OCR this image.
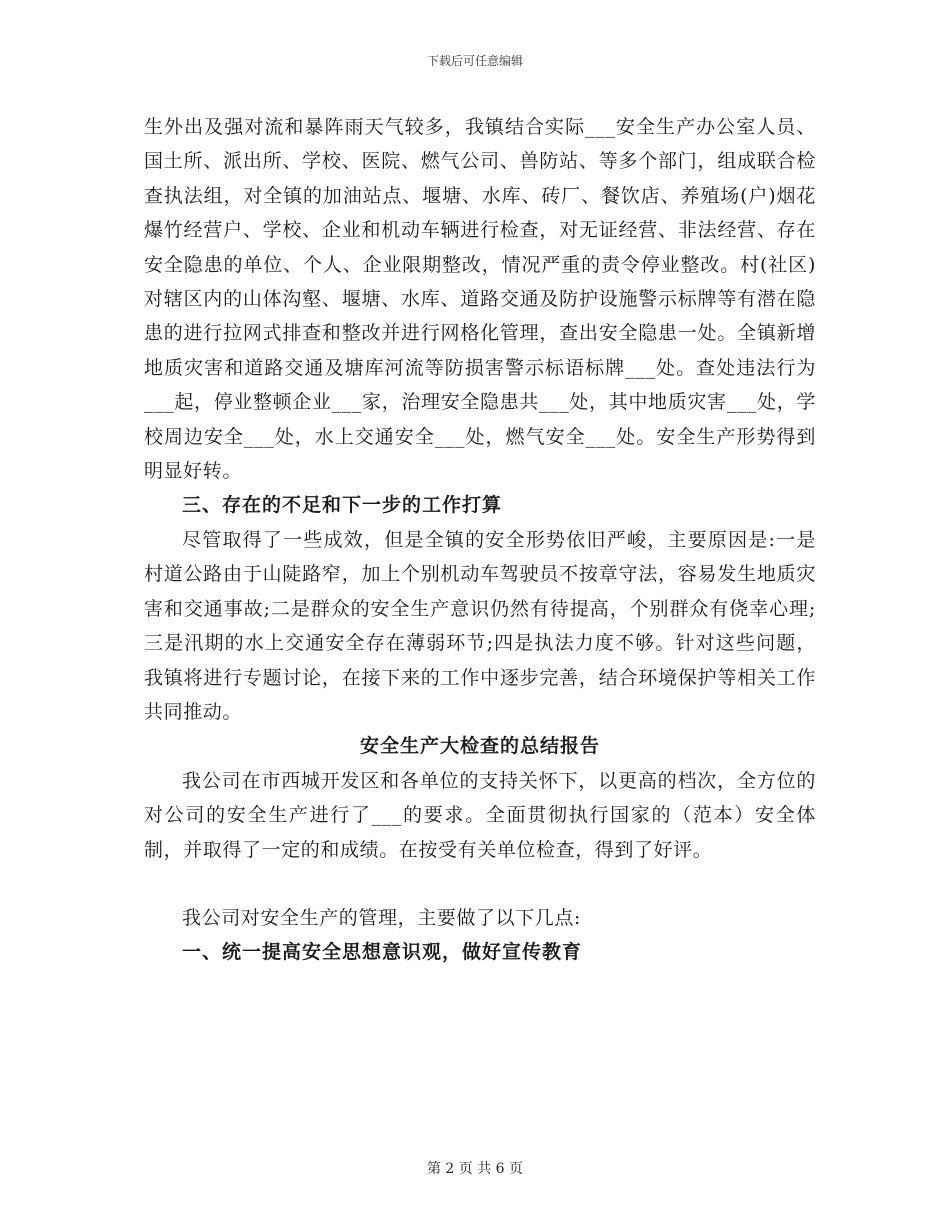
下载后可任意编辑

生外出及强对流和暴阵雨天气较多，我镇结合实际___安全生产办公室人员、国土所、派出所、学校、医院、燃气公司、兽防站、等多个部门，组成联合检查执法组，对全镇的加油站点、堰塘、水库、砖厂、餐饮店、养殖场(户)烟花爆竹经营户、学校、企业和机动车辆进行检查，对无证经营、非法经营、存在安全隐患的单位、个人、企业限期整改，情况严重的责令停业整改。村(社区)对辖区内的山体沟壑、堰塘、水库、道路交通及防护设施警示标牌等有潜在隐患的进行拉网式排查和整改并进行网格化管理，查出安全隐患一处。全镇新增地质灾害和道路交通及塘库河流等防损害警示标语标牌___处。查处违法行为___起，停业整顿企业___家，治理安全隐患共___处，其中地质灾害___处，学校周边安全___处，水上交通安全___处，燃气安全___处。安全生产形势得到明显好转。

三、存在的不足和下一步的工作打算

尽管取得了一些成效，但是全镇的安全形势依旧严峻，主要原因是:一是村道公路由于山陡路窄，加上个别机动车驾驶员不按章守法，容易发生地质灾害和交通事故;二是群众的安全生产意识仍然有待提高，个别群众有侥幸心理;三是汛期的水上交通安全存在薄弱环节;四是执法力度不够。针对这些问题，我镇将进行专题讨论，在接下来的工作中逐步完善，结合环境保护等相关工作共同推动。

安全生产大检查的总结报告

我公司在市西城开发区和各单位的支持关怀下，以更高的档次，全方位的对公司的安全生产进行了___的要求。全面贯彻执行国家的（范本）安全体制，并取得了一定的和成绩。在按受有关单位检查，得到了好评。

我公司对安全生产的管理，主要做了以下几点:

一、统一提高安全思想意识观，做好宣传教育

第 2 页 共 6 页
